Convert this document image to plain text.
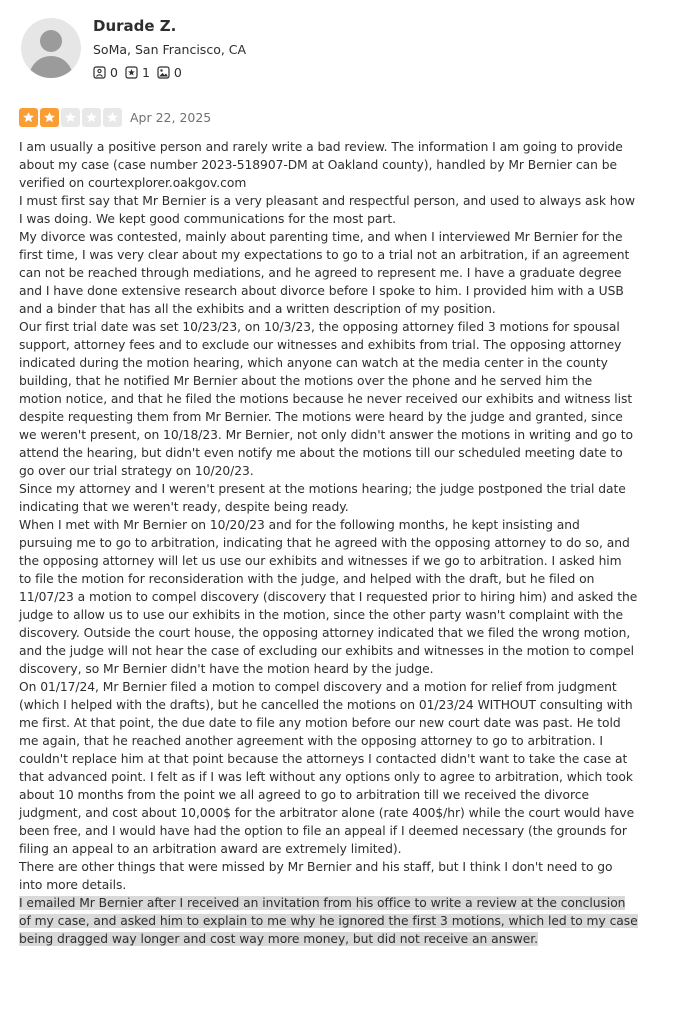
Durade Z.
SoMa, San Francisco, CA
0 1 0
Apr 22, 2025

I am usually a positive person and rarely write a bad review. The information I am going to provide

about my case (case number 2023-518907-DM at Oakland county), handled by Mr Bernier can be

verified on courtexplorer.oakgov.com

I must first say that Mr Bernier is a very pleasant and respectful person, and used to always ask how

I was doing. We kept good communications for the most part.

My divorce was contested, mainly about parenting time, and when I interviewed Mr Bernier for the

first time, I was very clear about my expectations to go to a trial not an arbitration, if an agreement

can not be reached through mediations, and he agreed to represent me. I have a graduate degree

and I have done extensive research about divorce before I spoke to him. I provided him with a USB

and a binder that has all the exhibits and a written description of my position.

Our first trial date was set 10/23/23, on 10/3/23, the opposing attorney filed 3 motions for spousal

support, attorney fees and to exclude our witnesses and exhibits from trial. The opposing attorney

indicated during the motion hearing, which anyone can watch at the media center in the county

building, that he notified Mr Bernier about the motions over the phone and he served him the

motion notice, and that he filed the motions because he never received our exhibits and witness list

despite requesting them from Mr Bernier. The motions were heard by the judge and granted, since

we weren't present, on 10/18/23. Mr Bernier, not only didn't answer the motions in writing and go to

attend the hearing, but didn't even notify me about the motions till our scheduled meeting date to

go over our trial strategy on 10/20/23.

Since my attorney and I weren't present at the motions hearing; the judge postponed the trial date

indicating that we weren't ready, despite being ready.

When I met with Mr Bernier on 10/20/23 and for the following months, he kept insisting and

pursuing me to go to arbitration, indicating that he agreed with the opposing attorney to do so, and

the opposing attorney will let us use our exhibits and witnesses if we go to arbitration. I asked him

to file the motion for reconsideration with the judge, and helped with the draft, but he filed on

11/07/23 a motion to compel discovery (discovery that I requested prior to hiring him) and asked the

judge to allow us to use our exhibits in the motion, since the other party wasn't complaint with the

discovery. Outside the court house, the opposing attorney indicated that we filed the wrong motion,

and the judge will not hear the case of excluding our exhibits and witnesses in the motion to compel

discovery, so Mr Bernier didn't have the motion heard by the judge.

On 01/17/24, Mr Bernier filed a motion to compel discovery and a motion for relief from judgment

(which I helped with the drafts), but he cancelled the motions on 01/23/24 WITHOUT consulting with

me first. At that point, the due date to file any motion before our new court date was past. He told

me again, that he reached another agreement with the opposing attorney to go to arbitration. I

couldn't replace him at that point because the attorneys I contacted didn't want to take the case at

that advanced point. I felt as if I was left without any options only to agree to arbitration, which took

about 10 months from the point we all agreed to go to arbitration till we received the divorce

judgment, and cost about 10,000$ for the arbitrator alone (rate 400$/hr) while the court would have

been free, and I would have had the option to file an appeal if I deemed necessary (the grounds for

filing an appeal to an arbitration award are extremely limited).

There are other things that were missed by Mr Bernier and his staff, but I think I don't need to go

into more details.

I emailed Mr Bernier after I received an invitation from his office to write a review at the conclusion

of my case, and asked him to explain to me why he ignored the first 3 motions, which led to my case

being dragged way longer and cost way more money, but did not receive an answer.
